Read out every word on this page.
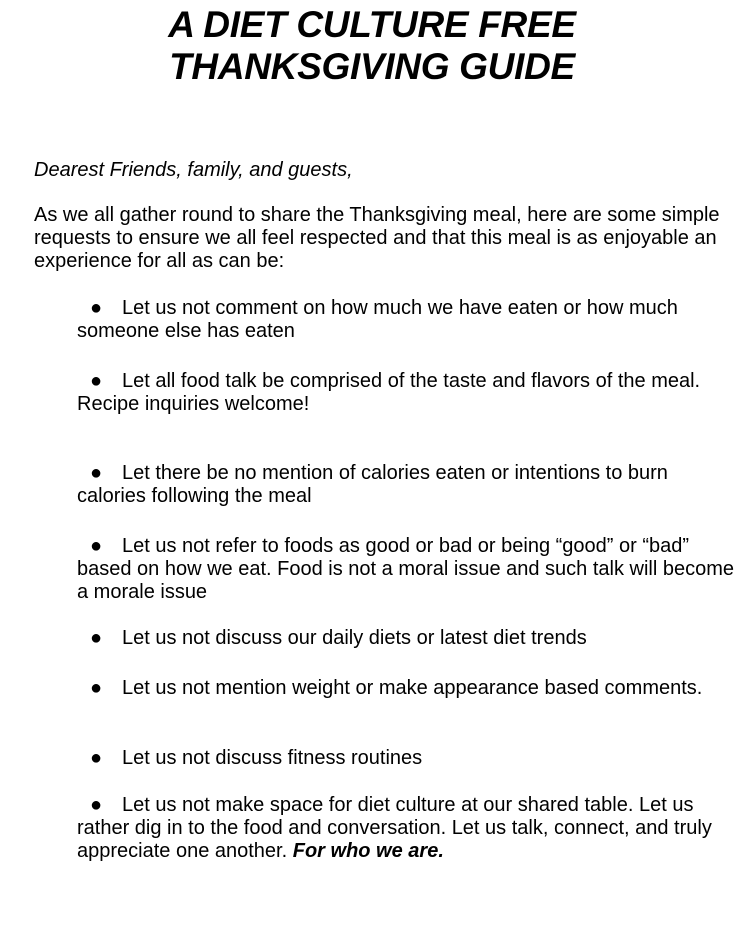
A DIET CULTURE FREE
THANKSGIVING GUIDE

Dearest Friends, family, and guests,

As we all gather round to share the Thanksgiving meal, here are some simple requests to ensure we all feel respected and that this meal is as enjoyable an experience for all as can be:

● Let us not comment on how much we have eaten or how much someone else has eaten

● Let all food talk be comprised of the taste and flavors of the meal. Recipe inquiries welcome!

● Let there be no mention of calories eaten or intentions to burn calories following the meal

● Let us not refer to foods as good or bad or being “good” or “bad” based on how we eat. Food is not a moral issue and such talk will become a morale issue

● Let us not discuss our daily diets or latest diet trends

● Let us not mention weight or make appearance based comments.

● Let us not discuss fitness routines

● Let us not make space for diet culture at our shared table. Let us rather dig in to the food and conversation. Let us talk, connect, and truly appreciate one another. For who we are.
